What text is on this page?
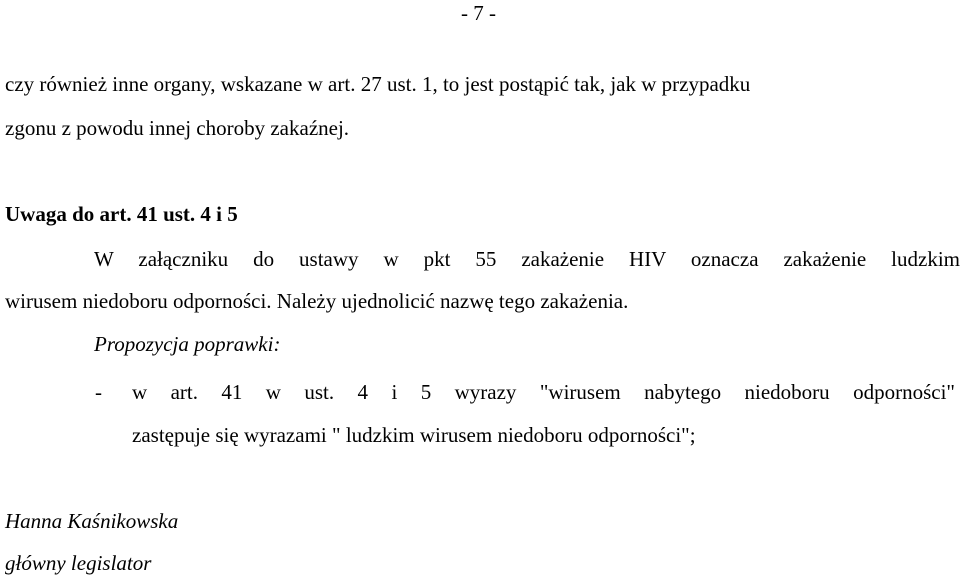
- 7 -
czy również inne organy, wskazane w art. 27 ust. 1, to jest postąpić tak, jak w przypadku
zgonu z powodu innej choroby zakaźnej.
Uwaga do art. 41 ust. 4 i 5
W załączniku do ustawy w pkt 55 zakażenie HIV oznacza zakażenie ludzkim
wirusem niedoboru odporności. Należy ujednolicić nazwę tego zakażenia.
Propozycja poprawki:
- w art. 41 w ust. 4 i 5 wyrazy "wirusem nabytego niedoboru odporności"
zastępuje się wyrazami " ludzkim wirusem niedoboru odporności";
Hanna Kaśnikowska
główny legislator
